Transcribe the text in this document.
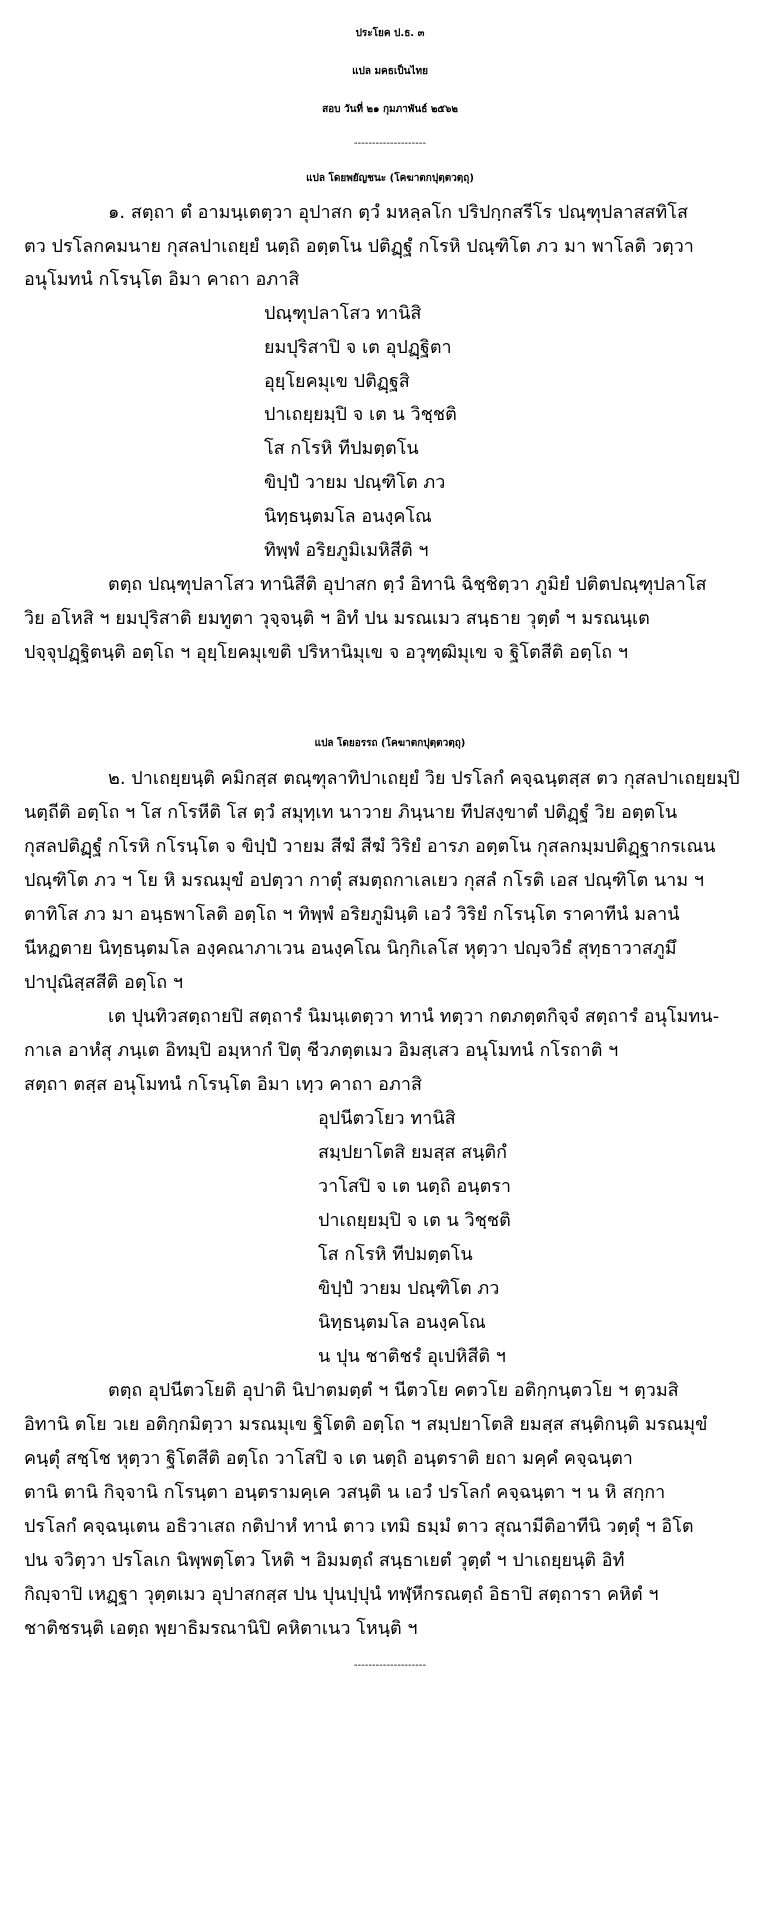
ประโยค ป.ธ. ๓
แปล มคธเป็นไทย
สอบ วันที่ ๒๑ กุมภาพันธ์ ๒๕๖๒
--------------------
แปล โดยพยัญชนะ (โคฆาตกปุตฺตวตฺถุ)
๑. สตฺถา ตํ อามนฺเตตฺวา อุปาสก ตฺวํ มหลฺลโก ปริปกฺกสรีโร ปณฺฑุปลาสสทิโส
ตว ปรโลกคมนาย กุสลปาเถยฺยํ นตฺถิ อตฺตโน ปติฏฺฐํ กโรหิ ปณฺฑิโต ภว มา พาโลติ วตฺวา
อนุโมทนํ กโรนฺโต อิมา คาถา อภาสิ
ปณฺฑุปลาโสว ทานิสิ
ยมปุริสาปิ จ เต อุปฏฺฐิตา
อุยฺโยคมุเข ปติฏฺฐสิ
ปาเถยฺยมฺปิ จ เต น วิชฺชติ
โส กโรหิ ทีปมตฺตโน
ขิปฺปํ วายม ปณฺฑิโต ภว
นิทฺธนฺตมโล อนงฺคโณ
ทิพฺพํ อริยภูมิเมหิสีติ ฯ
ตตฺถ ปณฺฑุปลาโสว ทานิสีติ อุปาสก ตฺวํ อิทานิ ฉิชฺชิตฺวา ภูมิยํ ปติตปณฺฑุปลาโส
วิย อโหสิ ฯ ยมปุริสาติ ยมทูตา วุจฺจนฺติ ฯ อิทํ ปน มรณเมว สนฺธาย วุตฺตํ ฯ มรณนฺเต
ปจฺจุปฏฺฐิตนฺติ อตฺโถ ฯ อุยฺโยคมุเขติ ปริหานิมุเข จ อวุฑฺฒิมุเข จ ฐิโตสีติ อตฺโถ ฯ
แปล โดยอรรถ (โคฆาตกปุตฺตวตฺถุ)
๒. ปาเถยฺยนฺติ คมิกสฺส ตณฺฑุลาทิปาเถยฺยํ วิย ปรโลกํ คจฺฉนฺตสฺส ตว กุสลปาเถยฺยมฺปิ
นตฺถีติ อตฺโถ ฯ โส กโรหีติ โส ตฺวํ สมุทฺเท นาวาย ภินฺนาย ทีปสงฺขาตํ ปติฏฺฐํ วิย อตฺตโน
กุสลปติฏฺฐํ กโรหิ กโรนฺโต จ ขิปฺปํ วายม สีฆํ สีฆํ วิริยํ อารภ อตฺตโน กุสลกมฺมปติฏฺฐากรเณน
ปณฺฑิโต ภว ฯ โย หิ มรณมุขํ อปตฺวา กาตุํ สมตฺถกาเลเยว กุสลํ กโรติ เอส ปณฺฑิโต นาม ฯ
ตาทิโส ภว มา อนฺธพาโลติ อตฺโถ ฯ ทิพฺพํ อริยภูมินฺติ เอวํ วิริยํ กโรนฺโต ราคาทีนํ มลานํ
นีหฏตาย นิทฺธนฺตมโล องฺคณาภาเวน อนงฺคโณ นิกฺกิเลโส หุตฺวา ปญฺจวิธํ สุทฺธาวาสภูมึ
ปาปุณิสฺสสีติ อตฺโถ ฯ
เต ปุนทิวสตฺถายปิ สตฺถารํ นิมนฺเตตฺวา ทานํ ทตฺวา กตภตฺตกิจฺจํ สตฺถารํ อนุโมทน-
กาเล อาหํสุ ภนฺเต อิทมฺปิ อมฺหากํ ปิตุ ชีวภตฺตเมว อิมสฺเสว อนุโมทนํ กโรถาติ ฯ
สตฺถา ตสฺส อนุโมทนํ กโรนฺโต อิมา เทฺว คาถา อภาสิ
อุปนีตวโยว ทานิสิ
สมฺปยาโตสิ ยมสฺส สนฺติกํ
วาโสปิ จ เต นตฺถิ อนฺตรา
ปาเถยฺยมฺปิ จ เต น วิชฺชติ
โส กโรหิ ทีปมตฺตโน
ขิปฺปํ วายม ปณฺฑิโต ภว
นิทฺธนฺตมโล อนงฺคโณ
น ปุน ชาติชรํ อุเปหิสีติ ฯ
ตตฺถ อุปนีตวโยติ อุปาติ นิปาตมตฺตํ ฯ นีตวโย คตวโย อติกฺกนฺตวโย ฯ ตฺวมสิ
อิทานิ ตโย วเย อติกฺกมิตฺวา มรณมุเข ฐิโตติ อตฺโถ ฯ สมฺปยาโตสิ ยมสฺส สนฺติกนฺติ มรณมุขํ
คนฺตุํ สชฺโช หุตฺวา ฐิโตสีติ อตฺโถ วาโสปิ จ เต นตฺถิ อนฺตราติ ยถา มคฺคํ คจฺฉนฺตา
ตานิ ตานิ กิจฺจานิ กโรนฺตา อนฺตรามคฺเค วสนฺติ น เอวํ ปรโลกํ คจฺฉนฺตา ฯ น หิ สกฺกา
ปรโลกํ คจฺฉนฺเตน อธิวาเสถ กติปาหํ ทานํ ตาว เทมิ ธมฺมํ ตาว สุณามีติอาทีนิ วตฺตุํ ฯ อิโต
ปน จวิตฺวา ปรโลเก นิพฺพตฺโตว โหติ ฯ อิมมตฺถํ สนฺธาเยตํ วุตฺตํ ฯ ปาเถยฺยนฺติ อิทํ
กิญฺจาปิ เหฏฺฐา วุตฺตเมว อุปาสกสฺส ปน ปุนปฺปุนํ ทฬฺหีกรณตฺถํ อิธาปิ สตฺถารา คหิตํ ฯ
ชาติชรนฺติ เอตฺถ พฺยาธิมรณานิปิ คหิตาเนว โหนฺติ ฯ
--------------------
